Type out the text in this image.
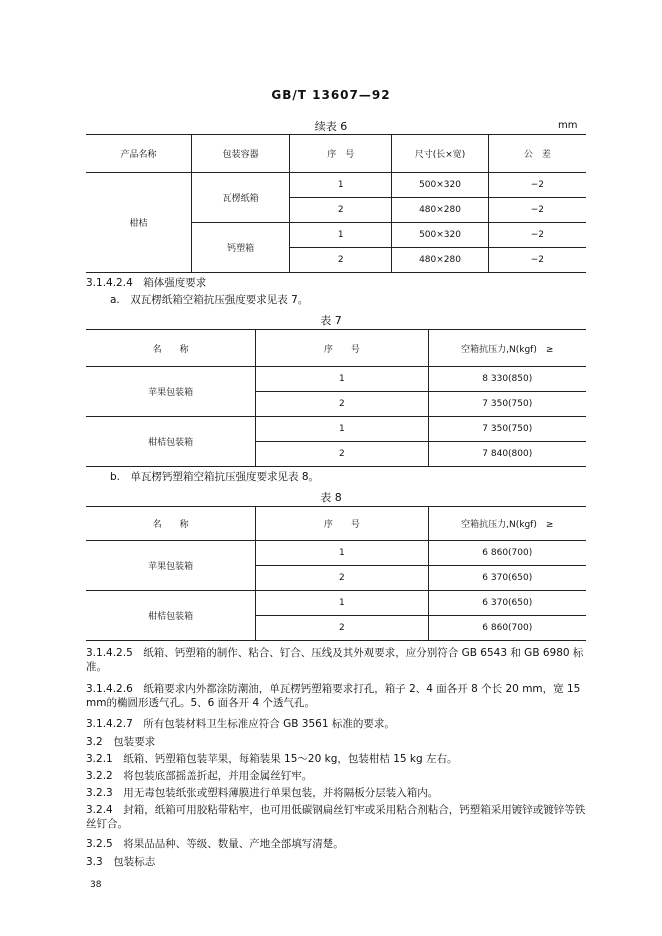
GB/T 13607—92
续表 6	mm
产品名称	包装容器	序　号	尺寸(长×宽)	公　差
柑桔	瓦楞纸箱	1	500×320	−2
		2	480×280	−2
	钙塑箱	1	500×320	−2
		2	480×280	−2
3.1.4.2.4　 箱体强度要求
a.　 双瓦楞纸箱空箱抗压强度要求见表 7。
表 7
名　　称	序　　号	空箱抗压力,N(kgf)　≥
苹果包装箱	1	8 330(850)
	2	7 350(750)
柑桔包装箱	1	7 350(750)
	2	7 840(800)
b.　 单瓦楞钙塑箱空箱抗压强度要求见表 8。
表 8
名　　称	序　　号	空箱抗压力,N(kgf)　≥
苹果包装箱	1	6 860(700)
	2	6 370(650)
柑桔包装箱	1	6 370(650)
	2	6 860(700)
3.1.4.2.5　 纸箱、钙塑箱的制作、粘合、钉合、压线及其外观要求，应分别符合 GB 6543 和 GB 6980 标准。
3.1.4.2.6　 纸箱要求内外都涂防潮油，单瓦楞钙塑箱要求打孔，箱子 2、4 面各开 8 个长 20 mm，宽 15 mm的椭圆形透气孔。5、6 面各开 4 个透气孔。
3.1.4.2.7　 所有包装材料卫生标准应符合 GB 3561 标准的要求。
3.2　 包装要求
3.2.1　 纸箱、钙塑箱包装苹果，每箱装果 15～20 kg，包装柑桔 15 kg 左右。
3.2.2　 将包装底部摇盖折起，并用金属丝钉牢。
3.2.3　 用无毒包装纸张或塑料薄膜进行单果包装，并将隔板分层装入箱内。
3.2.4　 封箱，纸箱可用胶粘带粘牢，也可用低碳钢扁丝钉牢或采用粘合剂粘合，钙塑箱采用镀锌或镀锌等铁丝钉合。
3.2.5　 将果品品种、等级、数量、产地全部填写清楚。
3.3　 包装标志
38
